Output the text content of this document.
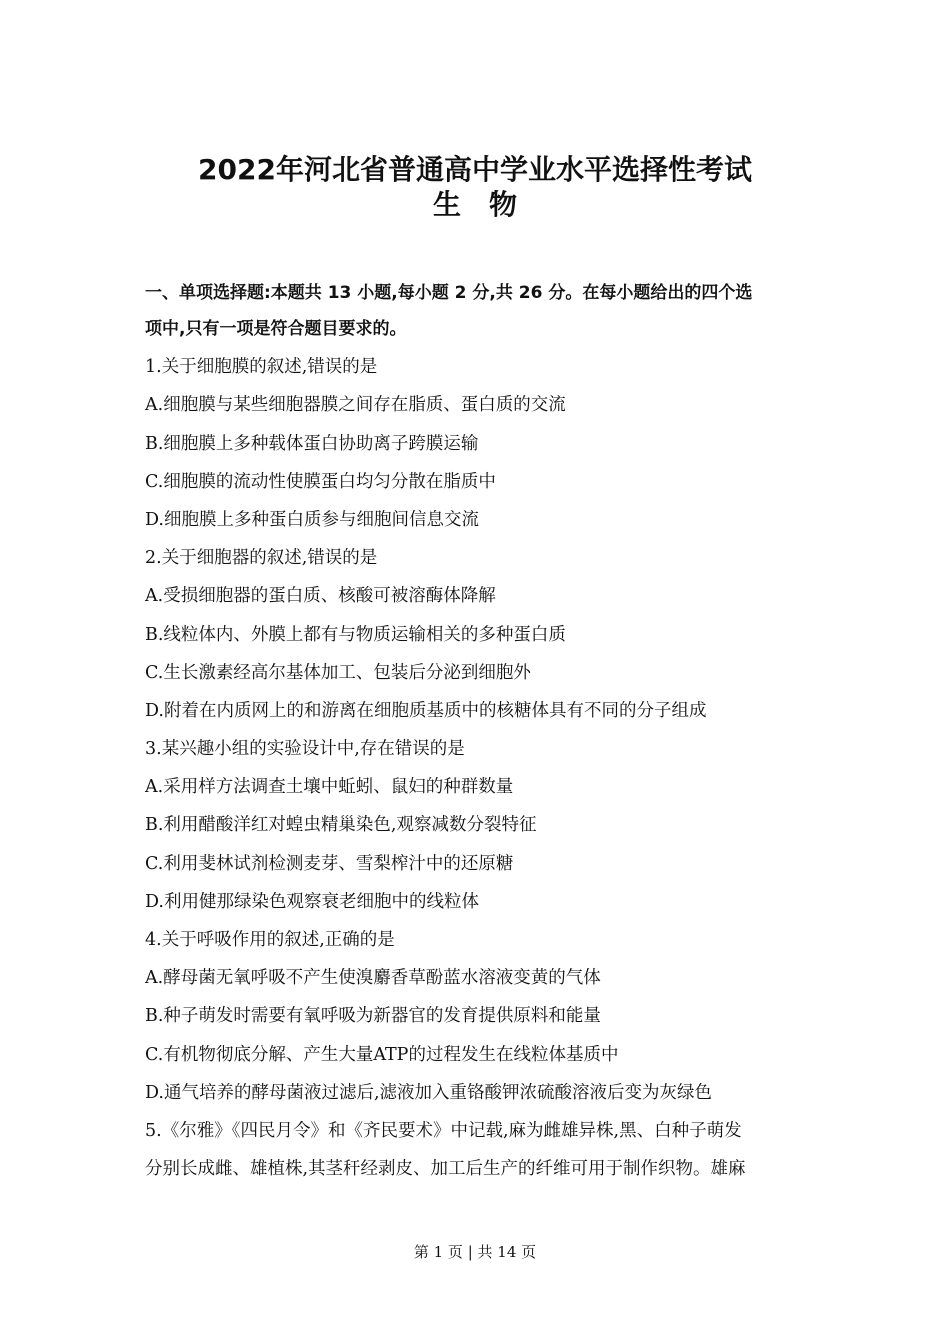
2022年河北省普通高中学业水平选择性考试
生物
一、单项选择题:本题共 13 小题,每小题 2 分,共 26 分。在每小题给出的四个选
项中,只有一项是符合题目要求的。
1.关于细胞膜的叙述,错误的是
A.细胞膜与某些细胞器膜之间存在脂质、蛋白质的交流
B.细胞膜上多种载体蛋白协助离子跨膜运输
C.细胞膜的流动性使膜蛋白均匀分散在脂质中
D.细胞膜上多种蛋白质参与细胞间信息交流
2.关于细胞器的叙述,错误的是
A.受损细胞器的蛋白质、核酸可被溶酶体降解
B.线粒体内、外膜上都有与物质运输相关的多种蛋白质
C.生长激素经高尔基体加工、包装后分泌到细胞外
D.附着在内质网上的和游离在细胞质基质中的核糖体具有不同的分子组成
3.某兴趣小组的实验设计中,存在错误的是
A.采用样方法调查土壤中蚯蚓、鼠妇的种群数量
B.利用醋酸洋红对蝗虫精巢染色,观察减数分裂特征
C.利用斐林试剂检测麦芽、雪梨榨汁中的还原糖
D.利用健那绿染色观察衰老细胞中的线粒体
4.关于呼吸作用的叙述,正确的是
A.酵母菌无氧呼吸不产生使溴麝香草酚蓝水溶液变黄的气体
B.种子萌发时需要有氧呼吸为新器官的发育提供原料和能量
C.有机物彻底分解、产生大量ATP的过程发生在线粒体基质中
D.通气培养的酵母菌液过滤后,滤液加入重铬酸钾浓硫酸溶液后变为灰绿色
5.《尔雅》《四民月令》和《齐民要术》中记载,麻为雌雄异株,黑、白种子萌发
分别长成雌、雄植株,其茎秆经剥皮、加工后生产的纤维可用于制作织物。雄麻
第 1 页 | 共 14 页
